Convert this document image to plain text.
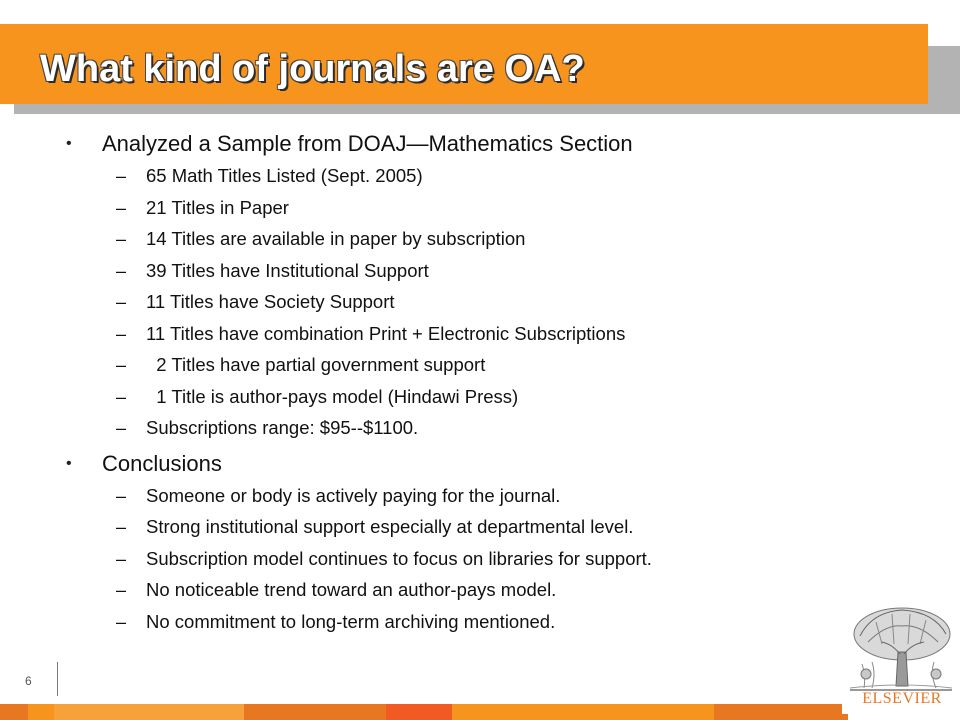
What kind of journals are OA?
• Analyzed a Sample from DOAJ—Mathematics Section
– 65 Math Titles Listed (Sept. 2005)
– 21 Titles in Paper
– 14 Titles are available in paper by subscription
– 39 Titles have Institutional Support
– 11 Titles have Society Support
– 11 Titles have combination Print + Electronic Subscriptions
– 2 Titles have partial government support
– 1 Title is author-pays model (Hindawi Press)
– Subscriptions range: $95--$1100.
• Conclusions
– Someone or body is actively paying for the journal.
– Strong institutional support especially at departmental level.
– Subscription model continues to focus on libraries for support.
– No noticeable trend toward an author-pays model.
– No commitment to long-term archiving mentioned.
6
ELSEVIER
